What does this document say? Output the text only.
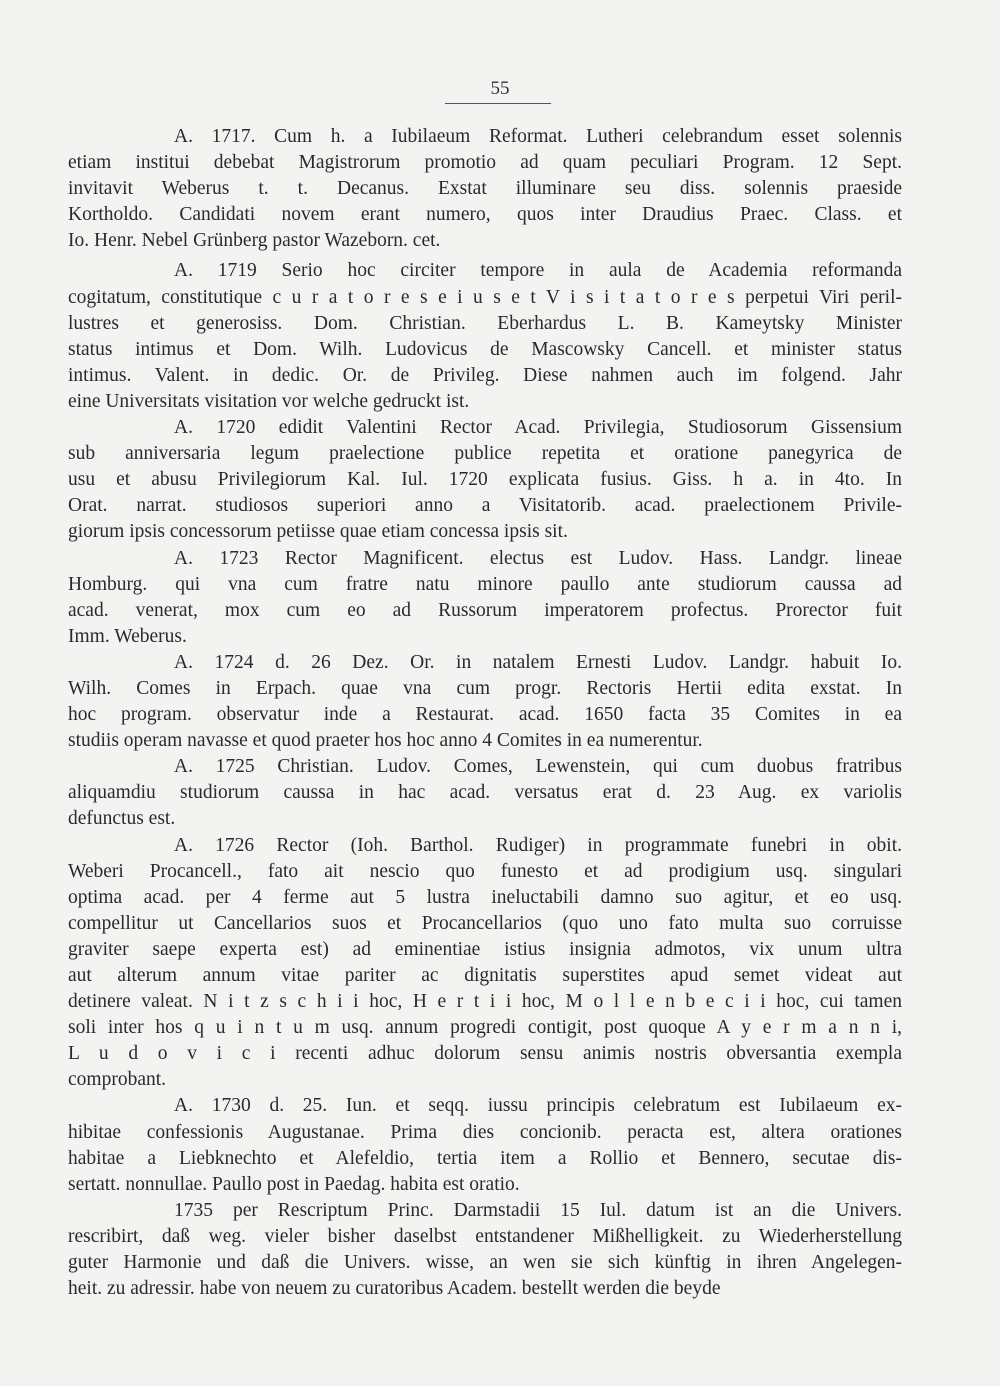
55
A. 1717. Cum h. a Iubilaeum Reformat. Lutheri celebrandum esset solennis
etiam institui debebat Magistrorum promotio ad quam peculiari Program. 12 Sept.
invitavit Weberus t. t. Decanus. Exstat illuminare seu diss. solennis praeside
Kortholdo. Candidati novem erant numero, quos inter Draudius Praec. Class. et
Io. Henr. Nebel Grünberg pastor Wazeborn. cet.
A. 1719 Serio hoc circiter tempore in aula de Academia reformanda
cogitatum, constitutique c u r a t o r e s e i u s e t V i s i t a t o r e s perpetui Viri peril-
lustres et generosiss. Dom. Christian. Eberhardus L. B. Kameytsky Minister
status intimus et Dom. Wilh. Ludovicus de Mascowsky Cancell. et minister status
intimus. Valent. in dedic. Or. de Privileg. Diese nahmen auch im folgend. Jahr
eine Universitats visitation vor welche gedruckt ist.
A. 1720 edidit Valentini Rector Acad. Privilegia, Studiosorum Gissensium
sub anniversaria legum praelectione publice repetita et oratione panegyrica de
usu et abusu Privilegiorum Kal. Iul. 1720 explicata fusius. Giss. h a. in 4to. In
Orat. narrat. studiosos superiori anno a Visitatorib. acad. praelectionem Privile-
giorum ipsis concessorum petiisse quae etiam concessa ipsis sit.
A. 1723 Rector Magnificent. electus est Ludov. Hass. Landgr. lineae
Homburg. qui vna cum fratre natu minore paullo ante studiorum caussa ad
acad. venerat, mox cum eo ad Russorum imperatorem profectus. Prorector fuit
Imm. Weberus.
A. 1724 d. 26 Dez. Or. in natalem Ernesti Ludov. Landgr. habuit Io.
Wilh. Comes in Erpach. quae vna cum progr. Rectoris Hertii edita exstat. In
hoc program. observatur inde a Restaurat. acad. 1650 facta 35 Comites in ea
studiis operam navasse et quod praeter hos hoc anno 4 Comites in ea numerentur.
A. 1725 Christian. Ludov. Comes, Lewenstein, qui cum duobus fratribus
aliquamdiu studiorum caussa in hac acad. versatus erat d. 23 Aug. ex variolis
defunctus est.
A. 1726 Rector (Ioh. Barthol. Rudiger) in programmate funebri in obit.
Weberi Procancell., fato ait nescio quo funesto et ad prodigium usq. singulari
optima acad. per 4 ferme aut 5 lustra ineluctabili damno suo agitur, et eo usq.
compellitur ut Cancellarios suos et Procancellarios (quo uno fato multa suo corruisse
graviter saepe experta est) ad eminentiae istius insignia admotos, vix unum ultra
aut alterum annum vitae pariter ac dignitatis superstites apud semet videat aut
detinere valeat. N i t z s c h i i hoc, H e r t i i hoc, M o l l e n b e c i i hoc, cui tamen
soli inter hos q u i n t u m usq. annum progredi contigit, post quoque A y e r m a n n i,
L u d o v i c i recenti adhuc dolorum sensu animis nostris obversantia exempla
comprobant.
A. 1730 d. 25. Iun. et seqq. iussu principis celebratum est Iubilaeum ex-
hibitae confessionis Augustanae. Prima dies concionib. peracta est, altera orationes
habitae a Liebknechto et Alefeldio, tertia item a Rollio et Bennero, secutae dis-
sertatt. nonnullae. Paullo post in Paedag. habita est oratio.
1735 per Rescriptum Princ. Darmstadii 15 Iul. datum ist an die Univers.
rescribirt, daß weg. vieler bisher daselbst entstandener Mißhelligkeit. zu Wiederherstellung
guter Harmonie und daß die Univers. wisse, an wen sie sich künftig in ihren Angelegen-
heit. zu adressir. habe von neuem zu curatoribus Academ. bestellt werden die beyde
